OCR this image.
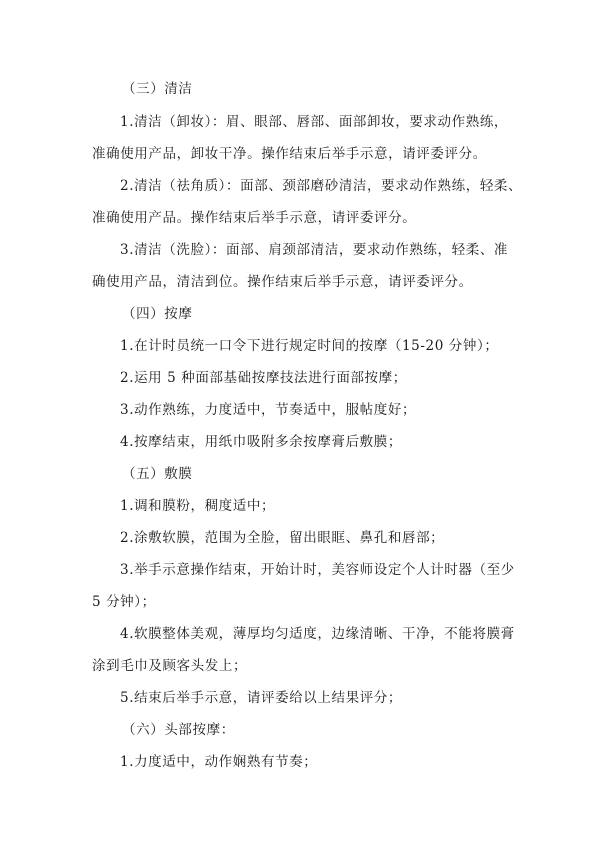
（三）清洁
1.清洁（卸妆）：眉、眼部、唇部、面部卸妆，要求动作熟练，
准确使用产品，卸妆干净。操作结束后举手示意，请评委评分。
2.清洁（祛角质）：面部、颈部磨砂清洁，要求动作熟练，轻柔、
准确使用产品。操作结束后举手示意，请评委评分。
3.清洁（洗脸）：面部、肩颈部清洁，要求动作熟练，轻柔、准
确使用产品，清洁到位。操作结束后举手示意，请评委评分。
（四）按摩
1.在计时员统一口令下进行规定时间的按摩（15-20 分钟）；
2.运用 5 种面部基础按摩技法进行面部按摩；
3.动作熟练，力度适中，节奏适中，服帖度好；
4.按摩结束，用纸巾吸附多余按摩膏后敷膜；
（五）敷膜
1.调和膜粉，稠度适中；
2.涂敷软膜，范围为全脸，留出眼眶、鼻孔和唇部；
3.举手示意操作结束，开始计时，美容师设定个人计时器（至少
5 分钟）；
4.软膜整体美观，薄厚均匀适度，边缘清晰、干净，不能将膜膏
涂到毛巾及顾客头发上；
5.结束后举手示意，请评委给以上结果评分；
（六）头部按摩：
1.力度适中，动作娴熟有节奏；
